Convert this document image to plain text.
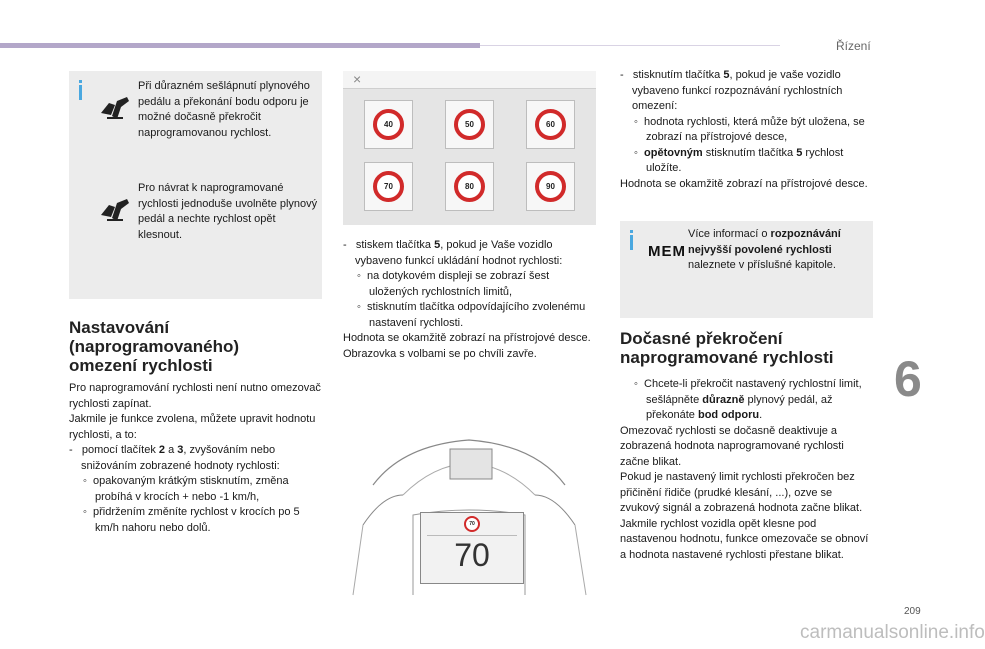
Řízení
6
209
carmanualsonline.info
Při důrazném sešlápnutí plynového pedálu a překonání bodu odporu je možné dočasně překročit naprogramovanou rychlost.
Pro návrat k naprogramované rychlosti jednoduše uvolněte plynový pedál a nechte rychlost opět klesnout.
Nastavování
(naprogramovaného)
omezení rychlosti
Pro naprogramování rychlosti není nutno omezovač rychlosti zapínat.
Jakmile je funkce zvolena, můžete upravit hodnotu rychlosti, a to:
-   pomocí tlačítek 2 a 3, zvyšováním nebo snižováním zobrazené hodnoty rychlosti:
◦  opakovaným krátkým stisknutím, změna probíhá v krocích + nebo -1 km/h,
◦  přidržením změníte rychlost v krocích po 5 km/h nahoru nebo dolů.
×
40	50	60
70	80	90
-   stiskem tlačítka 5, pokud je Vaše vozidlo vybaveno funkcí ukládání hodnot rychlosti:
◦  na dotykovém displeji se zobrazí šest uložených rychlostních limitů,
◦  stisknutím tlačítka odpovídajícího zvolenému nastavení rychlosti.
Hodnota se okamžitě zobrazí na přístrojové desce.
Obrazovka s volbami se po chvíli zavře.
70
70
-   stisknutím tlačítka 5, pokud je vaše vozidlo vybaveno funkcí rozpoznávání rychlostních omezení:
◦  hodnota rychlosti, která může být uložena, se zobrazí na přístrojové desce,
◦  opětovným stisknutím tlačítka 5 rychlost uložíte.
Hodnota se okamžitě zobrazí na přístrojové desce.
MEM
Více informací o rozpoznávání nejvyšší povolené rychlosti naleznete v příslušné kapitole.
Dočasné překročení
naprogramované rychlosti
◦  Chcete-li překročit nastavený rychlostní limit, sešlápněte důrazně plynový pedál, až překonáte bod odporu.
Omezovač rychlosti se dočasně deaktivuje a zobrazená hodnota naprogramované rychlosti začne blikat.
Pokud je nastavený limit rychlosti překročen bez přičinění řidiče (prudké klesání, ...), ozve se zvukový signál a zobrazená hodnota začne blikat.
Jakmile rychlost vozidla opět klesne pod nastavenou hodnotu, funkce omezovače se obnoví a hodnota nastavené rychlosti přestane blikat.
